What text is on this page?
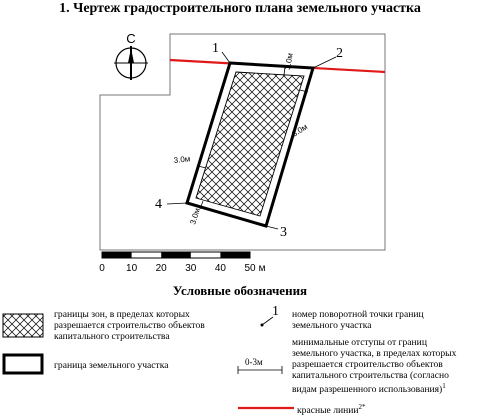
1. Чертеж градостроительного плана земельного участка
С
3.0м
3.0м
3.0м
3.0м
1	2
3
4
0 10 20 30 40 50 м
Условные обозначения
границы зон, в пределах которых разрешается строительство объектов капитального строительства
граница земельного участка
1 номер поворотной точки границ земельного участка
0-3м
минимальные отступы от границ земельного участка, в пределах которых разрешается строительство объектов капитального строительства (согласно видам разрешенного использования)$^1$
красные линии$^{2*}$
